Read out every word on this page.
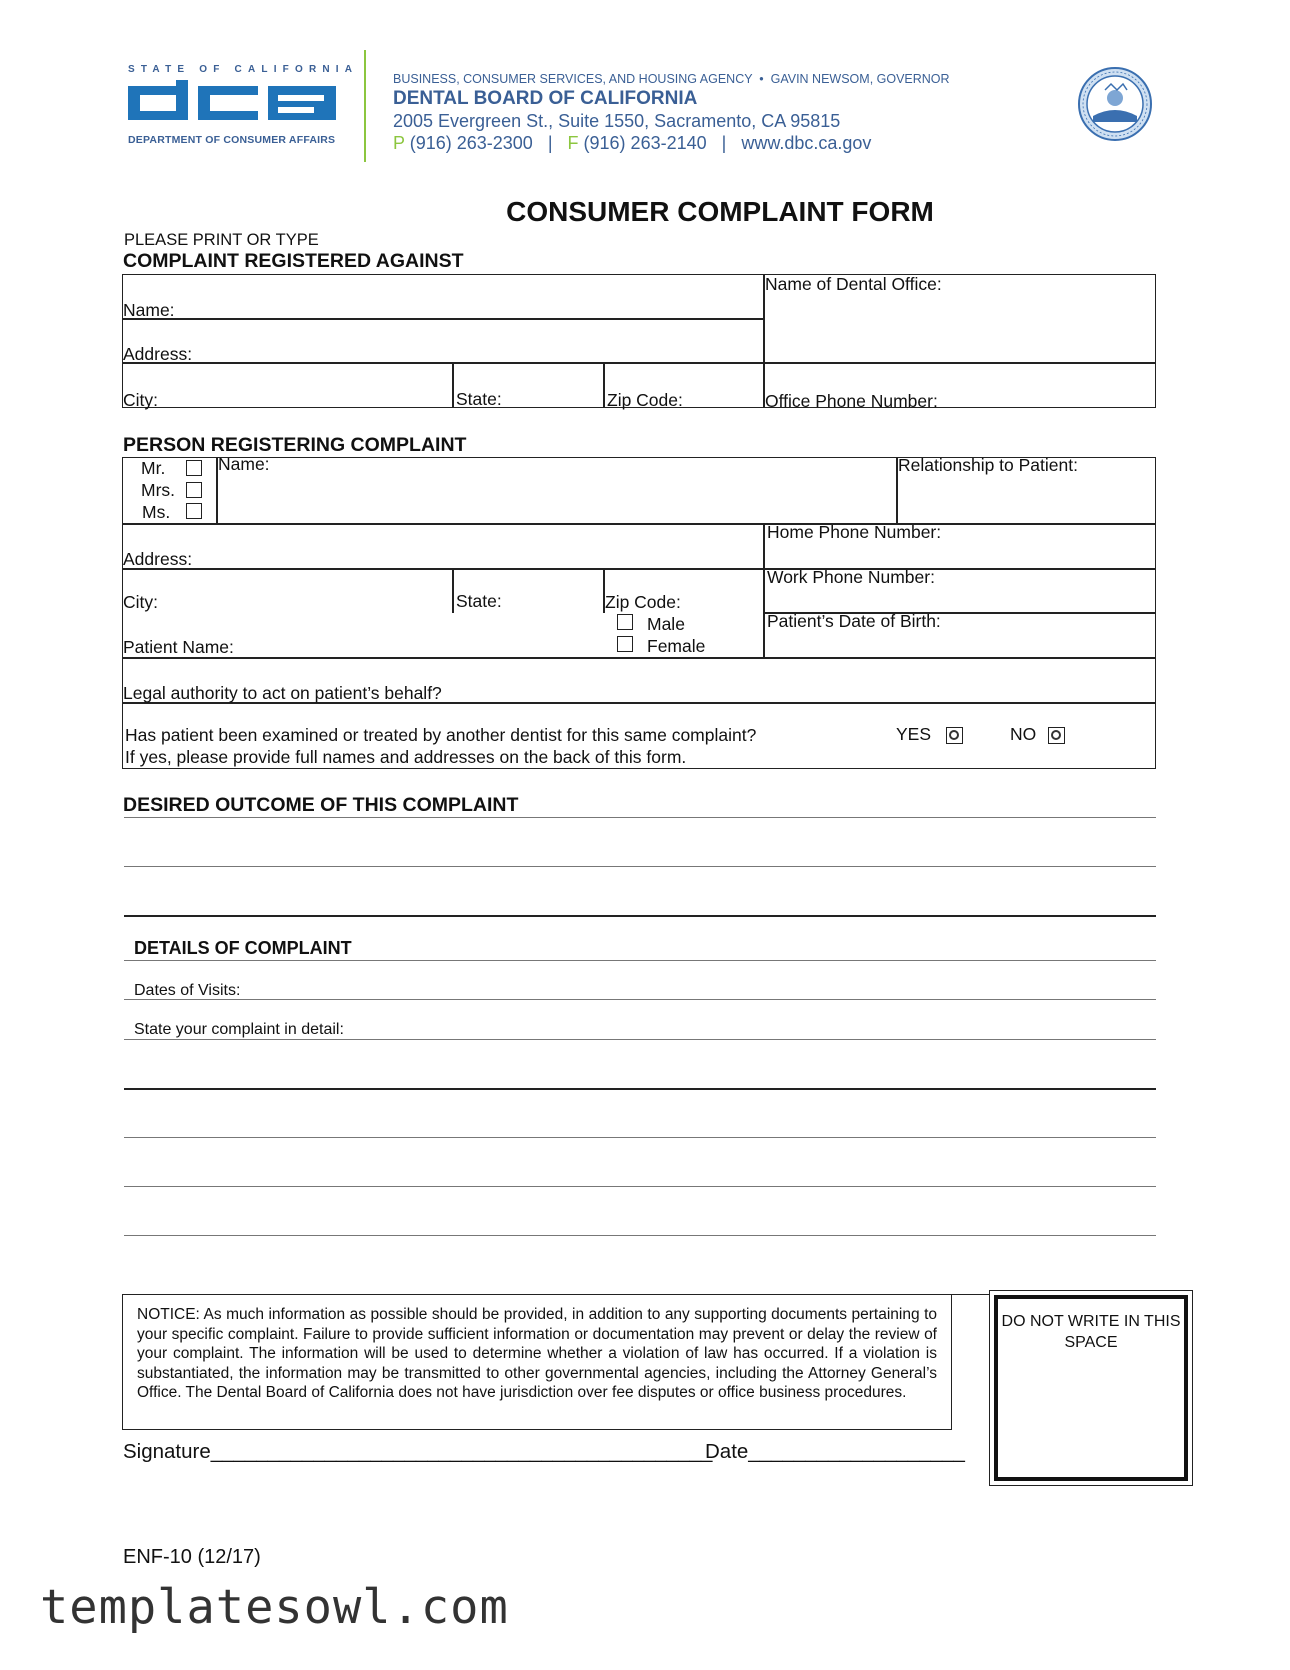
STATE OF CALIFORNIA
DEPARTMENT OF CONSUMER AFFAIRS
BUSINESS, CONSUMER SERVICES, AND HOUSING AGENCY  •  GAVIN NEWSOM, GOVERNOR
DENTAL BOARD OF CALIFORNIA
2005 Evergreen St., Suite 1550, Sacramento, CA 95815
P (916) 263-2300 | F (916) 263-2140 | www.dbc.ca.gov
CONSUMER COMPLAINT FORM
PLEASE PRINT OR TYPE
COMPLAINT REGISTERED AGAINST
Name of Dental Office:
Name:
Address:
City:	State:	Zip Code:	Office Phone Number:
PERSON REGISTERING COMPLAINT
Mr.
Mrs.
Ms.
Name:	Relationship to Patient:
Address:
Home Phone Number:
City:	State:	Zip Code:
Work Phone Number:
Male
Female
Patient Name:
Patient’s Date of Birth:
Legal authority to act on patient’s behalf?
Has patient been examined or treated by another dentist for this same complaint?
If yes, please provide full names and addresses on the back of this form.
YES	NO
DESIRED OUTCOME OF THIS COMPLAINT
DETAILS OF COMPLAINT
Dates of Visits:
State your complaint in detail:
NOTICE: As much information as possible should be provided, in addition to any supporting documents pertaining to your specific complaint. Failure to provide sufficient information or documentation may prevent or delay the review of your complaint. The information will be used to determine whether a violation of law has occurred. If a violation is substantiated, the information may be transmitted to other governmental agencies, including the Attorney General’s Office. The Dental Board of California does not have jurisdiction over fee disputes or office business procedures.
DO NOT WRITE IN THIS SPACE
Signature____________________________________________
Date___________________
ENF-10 (12/17)
templatesowl.com
